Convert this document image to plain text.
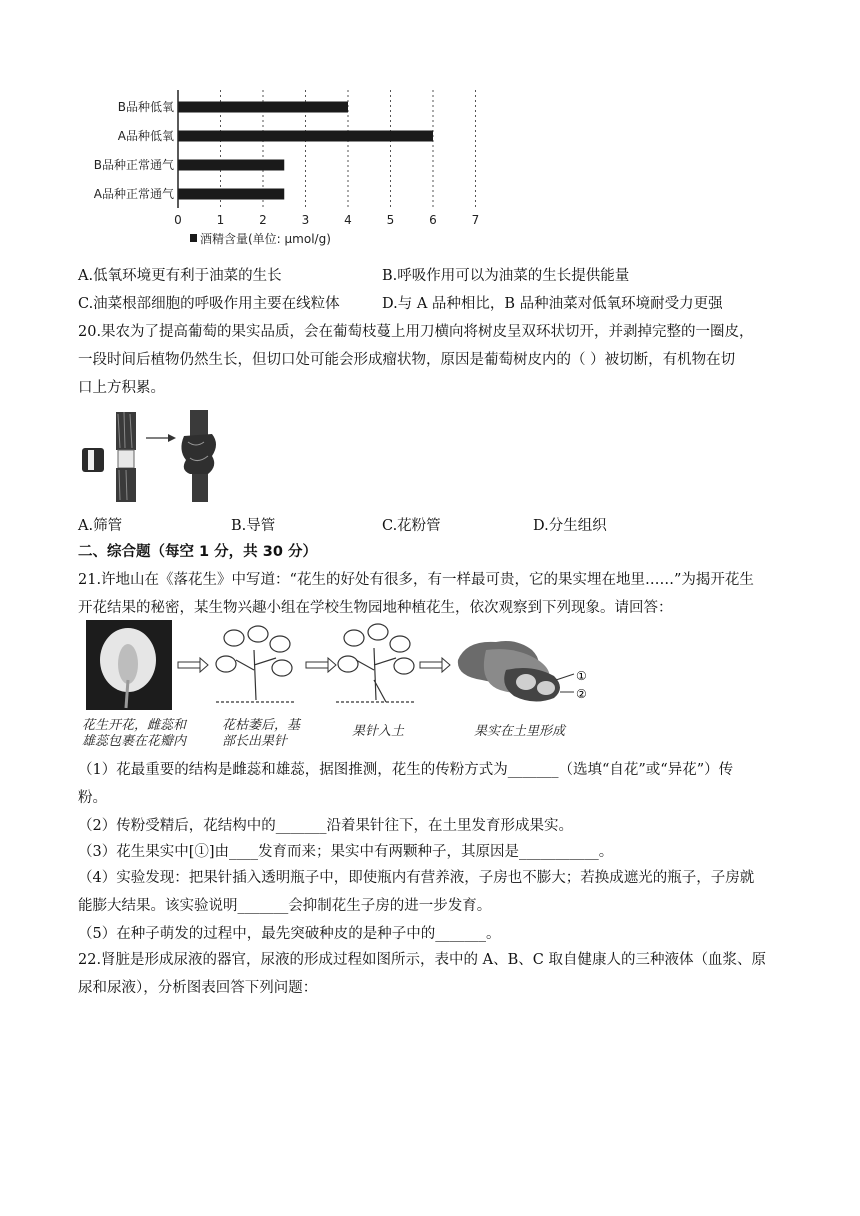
B品种低氧
A品种低氧
B品种正常通气
A品种正常通气
0	1	2	3	4	5	6	7
酒精含量(单位: μmol/g)
A.低氧环境更有利于油菜的生长	B.呼吸作用可以为油菜的生长提供能量
C.油菜根部细胞的呼吸作用主要在线粒体	D.与 A 品种相比，B 品种油菜对低氧环境耐受力更强
20.果农为了提高葡萄的果实品质，会在葡萄枝蔓上用刀横向将树皮呈双环状切开，并剥掉完整的一圈皮，
一段时间后植物仍然生长，但切口处可能会形成瘤状物，原因是葡萄树皮内的（ ）被切断，有机物在切
口上方积累。
A.筛管	B.导管	C.花粉管	D.分生组织
二、综合题（每空 1 分，共 30 分）
21.许地山在《落花生》中写道：“花生的好处有很多，有一样最可贵，它的果实埋在地里……”为揭开花生
开花结果的秘密，某生物兴趣小组在学校生物园地种植花生，依次观察到下列现象。请回答：
①
②
花生开花，雌蕊和
雄蕊包裹在花瓣内
花枯萎后，基
部长出果针
果针入土	果实在土里形成
（1）花最重要的结构是雌蕊和雄蕊，据图推测，花生的传粉方式为_______（选填“自花”或“异花”）传
粉。
（2）传粉受精后，花结构中的_______沿着果针往下，在土里发育形成果实。
（3）花生果实中[①]由____发育而来；果实中有两颗种子，其原因是___________。
（4）实验发现：把果针插入透明瓶子中，即使瓶内有营养液，子房也不膨大；若换成遮光的瓶子，子房就
能膨大结果。该实验说明_______会抑制花生子房的进一步发育。
（5）在种子萌发的过程中，最先突破种皮的是种子中的_______。
22.肾脏是形成尿液的器官，尿液的形成过程如图所示，表中的 A、B、C 取自健康人的三种液体（血浆、原
尿和尿液），分析图表回答下列问题：
